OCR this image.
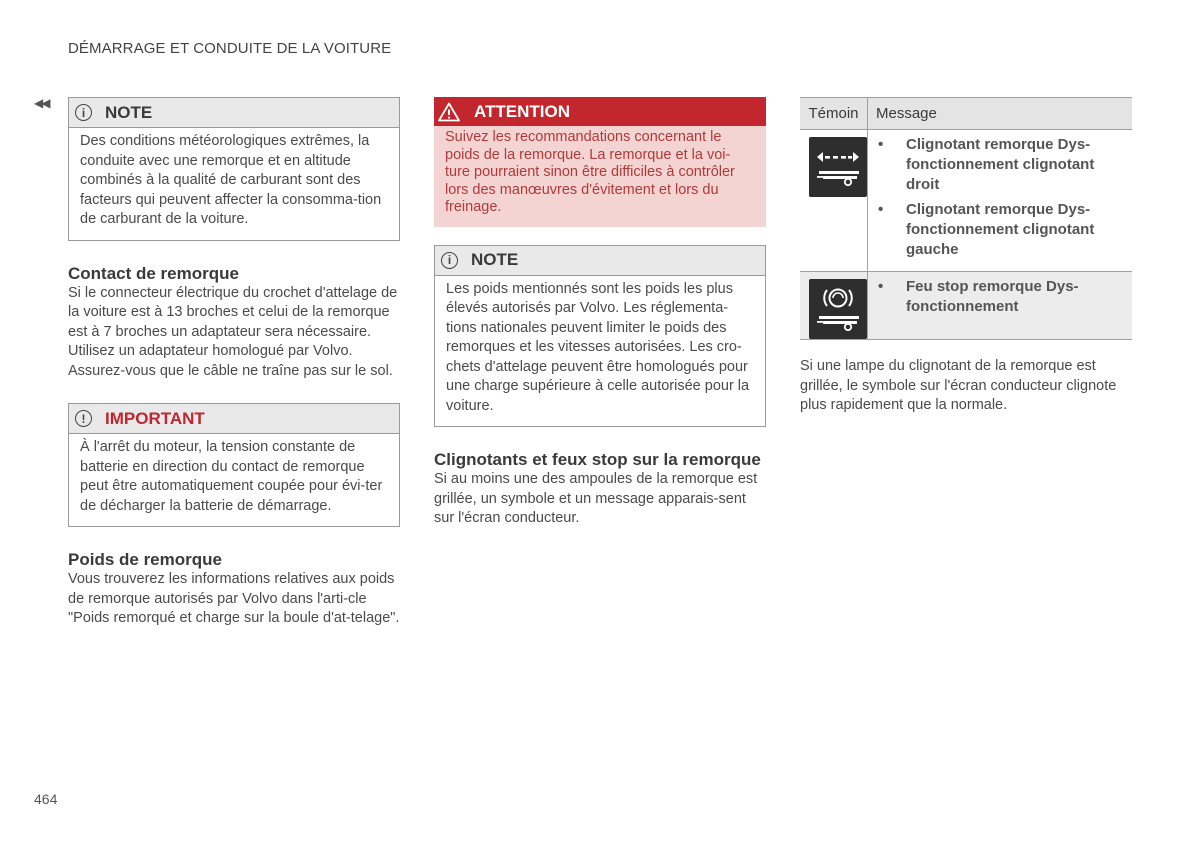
DÉMARRAGE ET CONDUITE DE LA VOITURE
◀◀
i	NOTE
Des conditions météorologiques extrêmes, la conduite avec une remorque et en altitude combinés à la qualité de carburant sont des facteurs qui peuvent affecter la consomma-tion de carburant de la voiture.
Contact de remorque

Si le connecteur électrique du crochet d'attelage de la voiture est à 13 broches et celui de la remorque est à 7 broches un adaptateur sera nécessaire. Utilisez un adaptateur homologué par Volvo. Assurez-vous que le câble ne traîne pas sur le sol.

!	IMPORTANT
À l'arrêt du moteur, la tension constante de batterie en direction du contact de remorque peut être automatiquement coupée pour évi-ter de décharger la batterie de démarrage.
Poids de remorque

Vous trouverez les informations relatives aux poids de remorque autorisés par Volvo dans l'arti-cle "Poids remorqué et charge sur la boule d'at-telage".

ATTENTION
Suivez les recommandations concernant le poids de la remorque. La remorque et la voi-ture pourraient sinon être difficiles à contrôler lors des manœuvres d'évitement et lors du freinage.
i	NOTE
Les poids mentionnés sont les poids les plus élevés autorisés par Volvo. Les réglementa-tions nationales peuvent limiter le poids des remorques et les vitesses autorisées. Les cro-chets d'attelage peuvent être homologués pour une charge supérieure à celle autorisée pour la voiture.
Clignotants et feux stop sur la remorque

Si au moins une des ampoules de la remorque est grillée, un symbole et un message apparais-sent sur l'écran conducteur.

Témoin	Message

• Clignotant remorque Dys-fonctionnement clignotant droit
• Clignotant remorque Dys-fonctionnement clignotant gauche

• Feu stop remorque Dys-fonctionnement
Si une lampe du clignotant de la remorque est grillée, le symbole sur l'écran conducteur clignote plus rapidement que la normale.
464
